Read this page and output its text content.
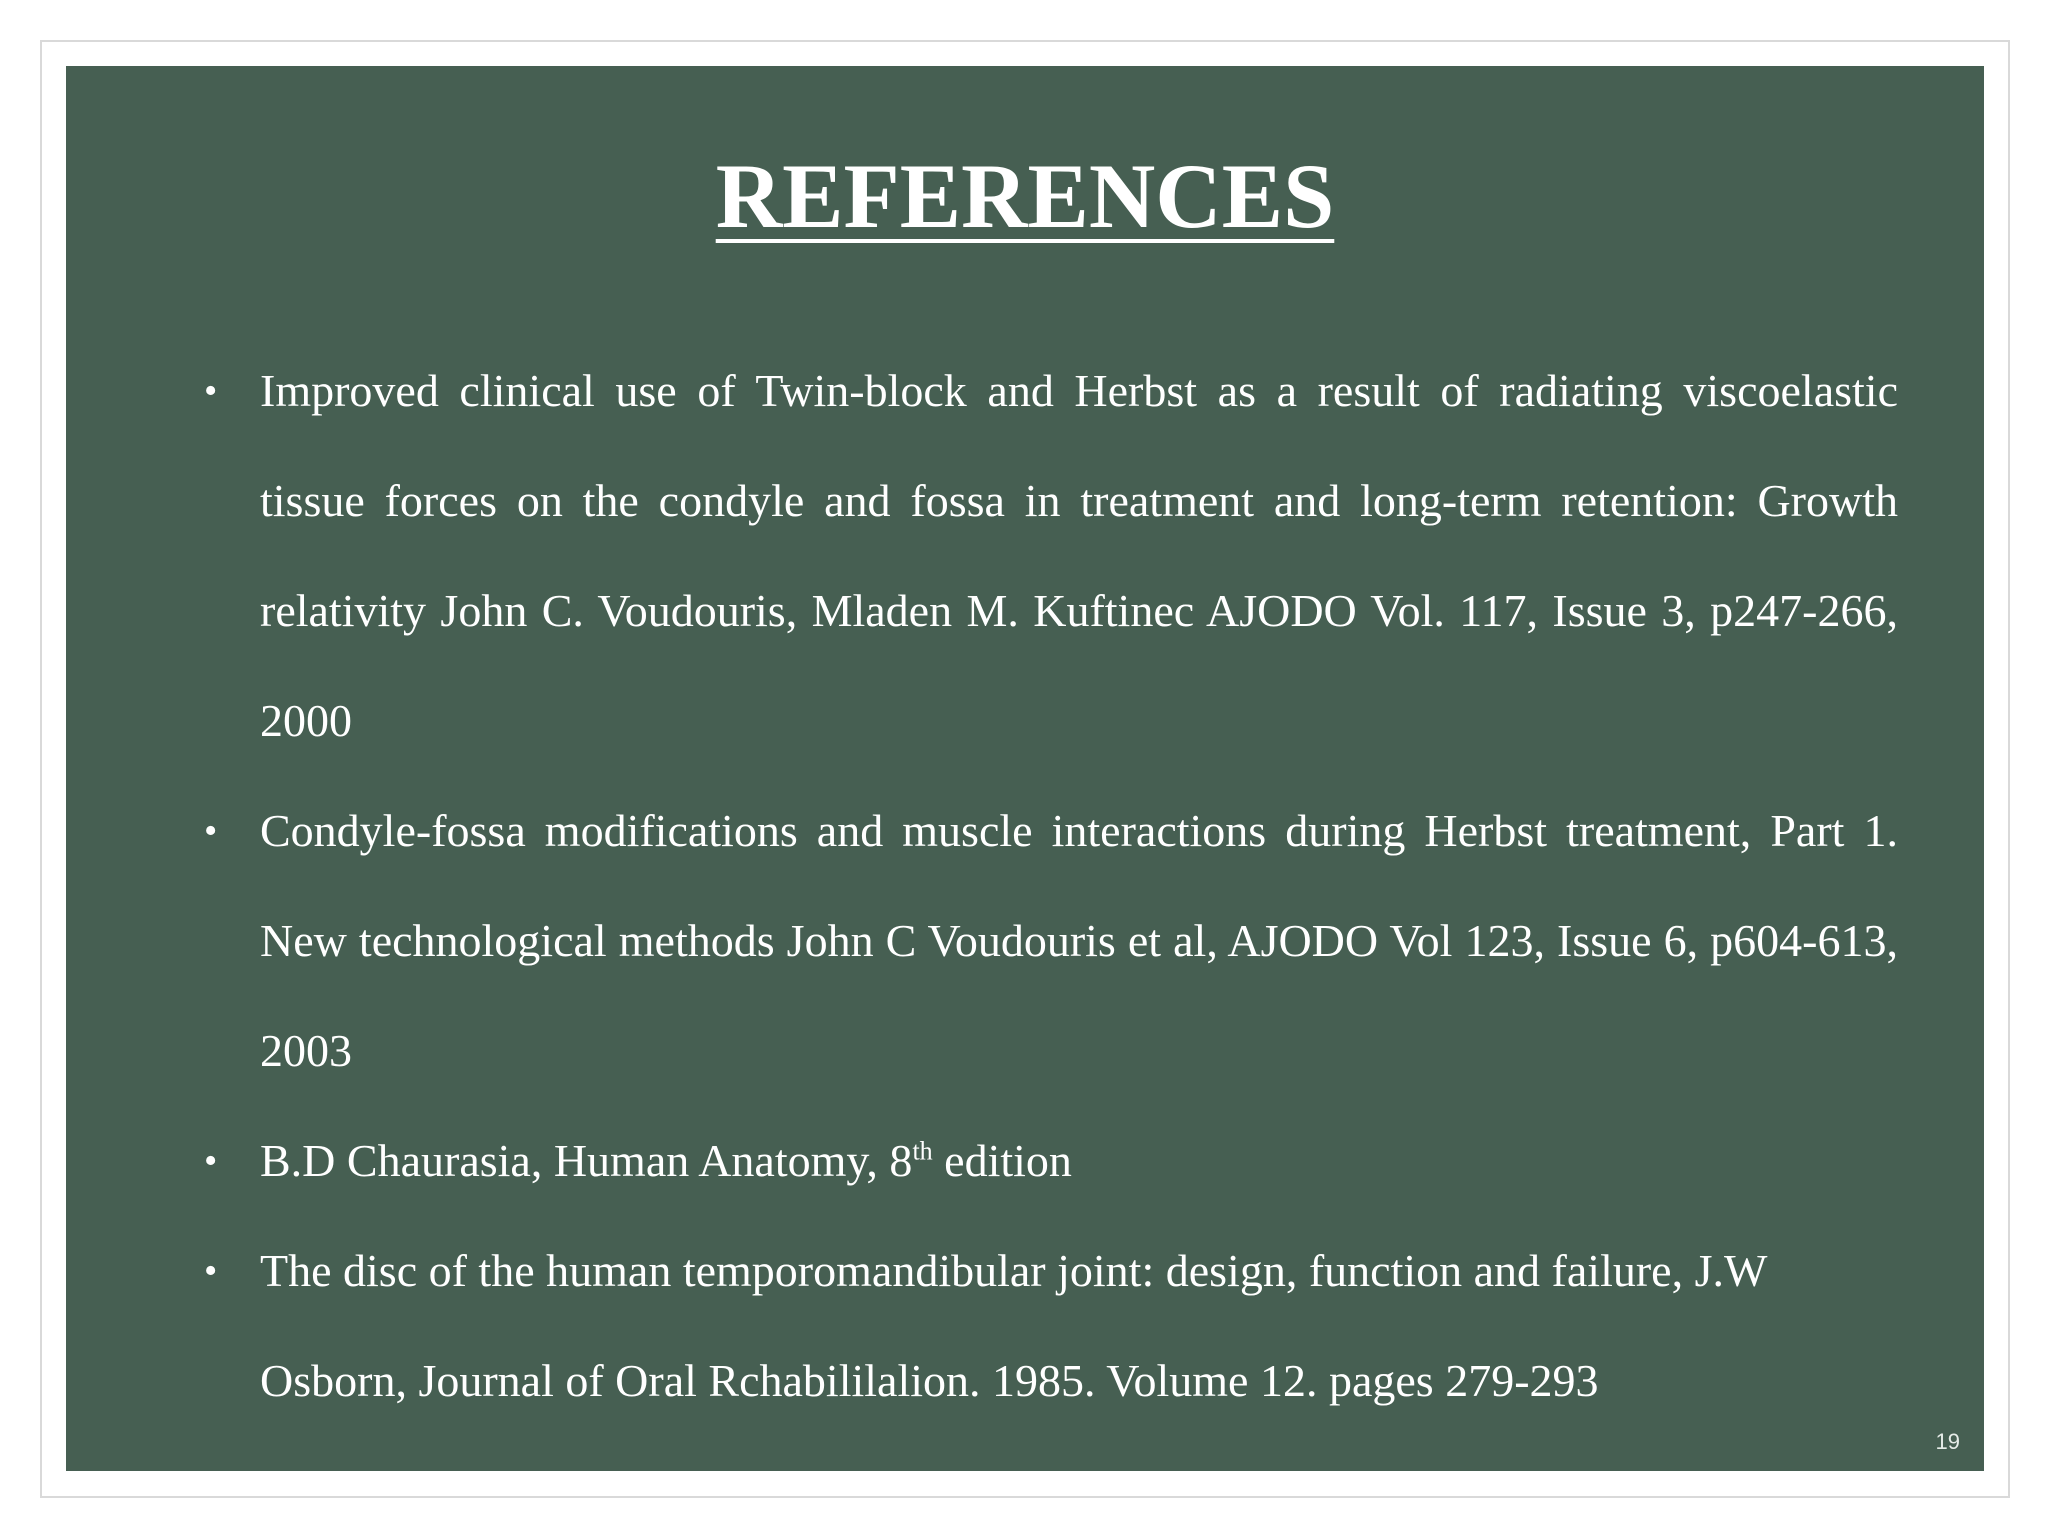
REFERENCES
• Improved clinical use of Twin-block and Herbst as a result of radiating viscoelastic tissue forces on the condyle and fossa in treatment and long-term retention: Growth relativity John C. Voudouris, Mladen M. Kuftinec AJODO Vol. 117, Issue 3, p247-266, 2000
• Condyle-fossa modifications and muscle interactions during Herbst treatment, Part 1. New technological methods John C Voudouris et al, AJODO Vol 123, Issue 6, p604-613, 2003
• B.D Chaurasia, Human Anatomy, 8th edition
• The disc of the human temporomandibular joint: design, function and failure, J.W Osborn, Journal of Oral Rchabililalion. 1985. Volume 12. pages 279-293
19
